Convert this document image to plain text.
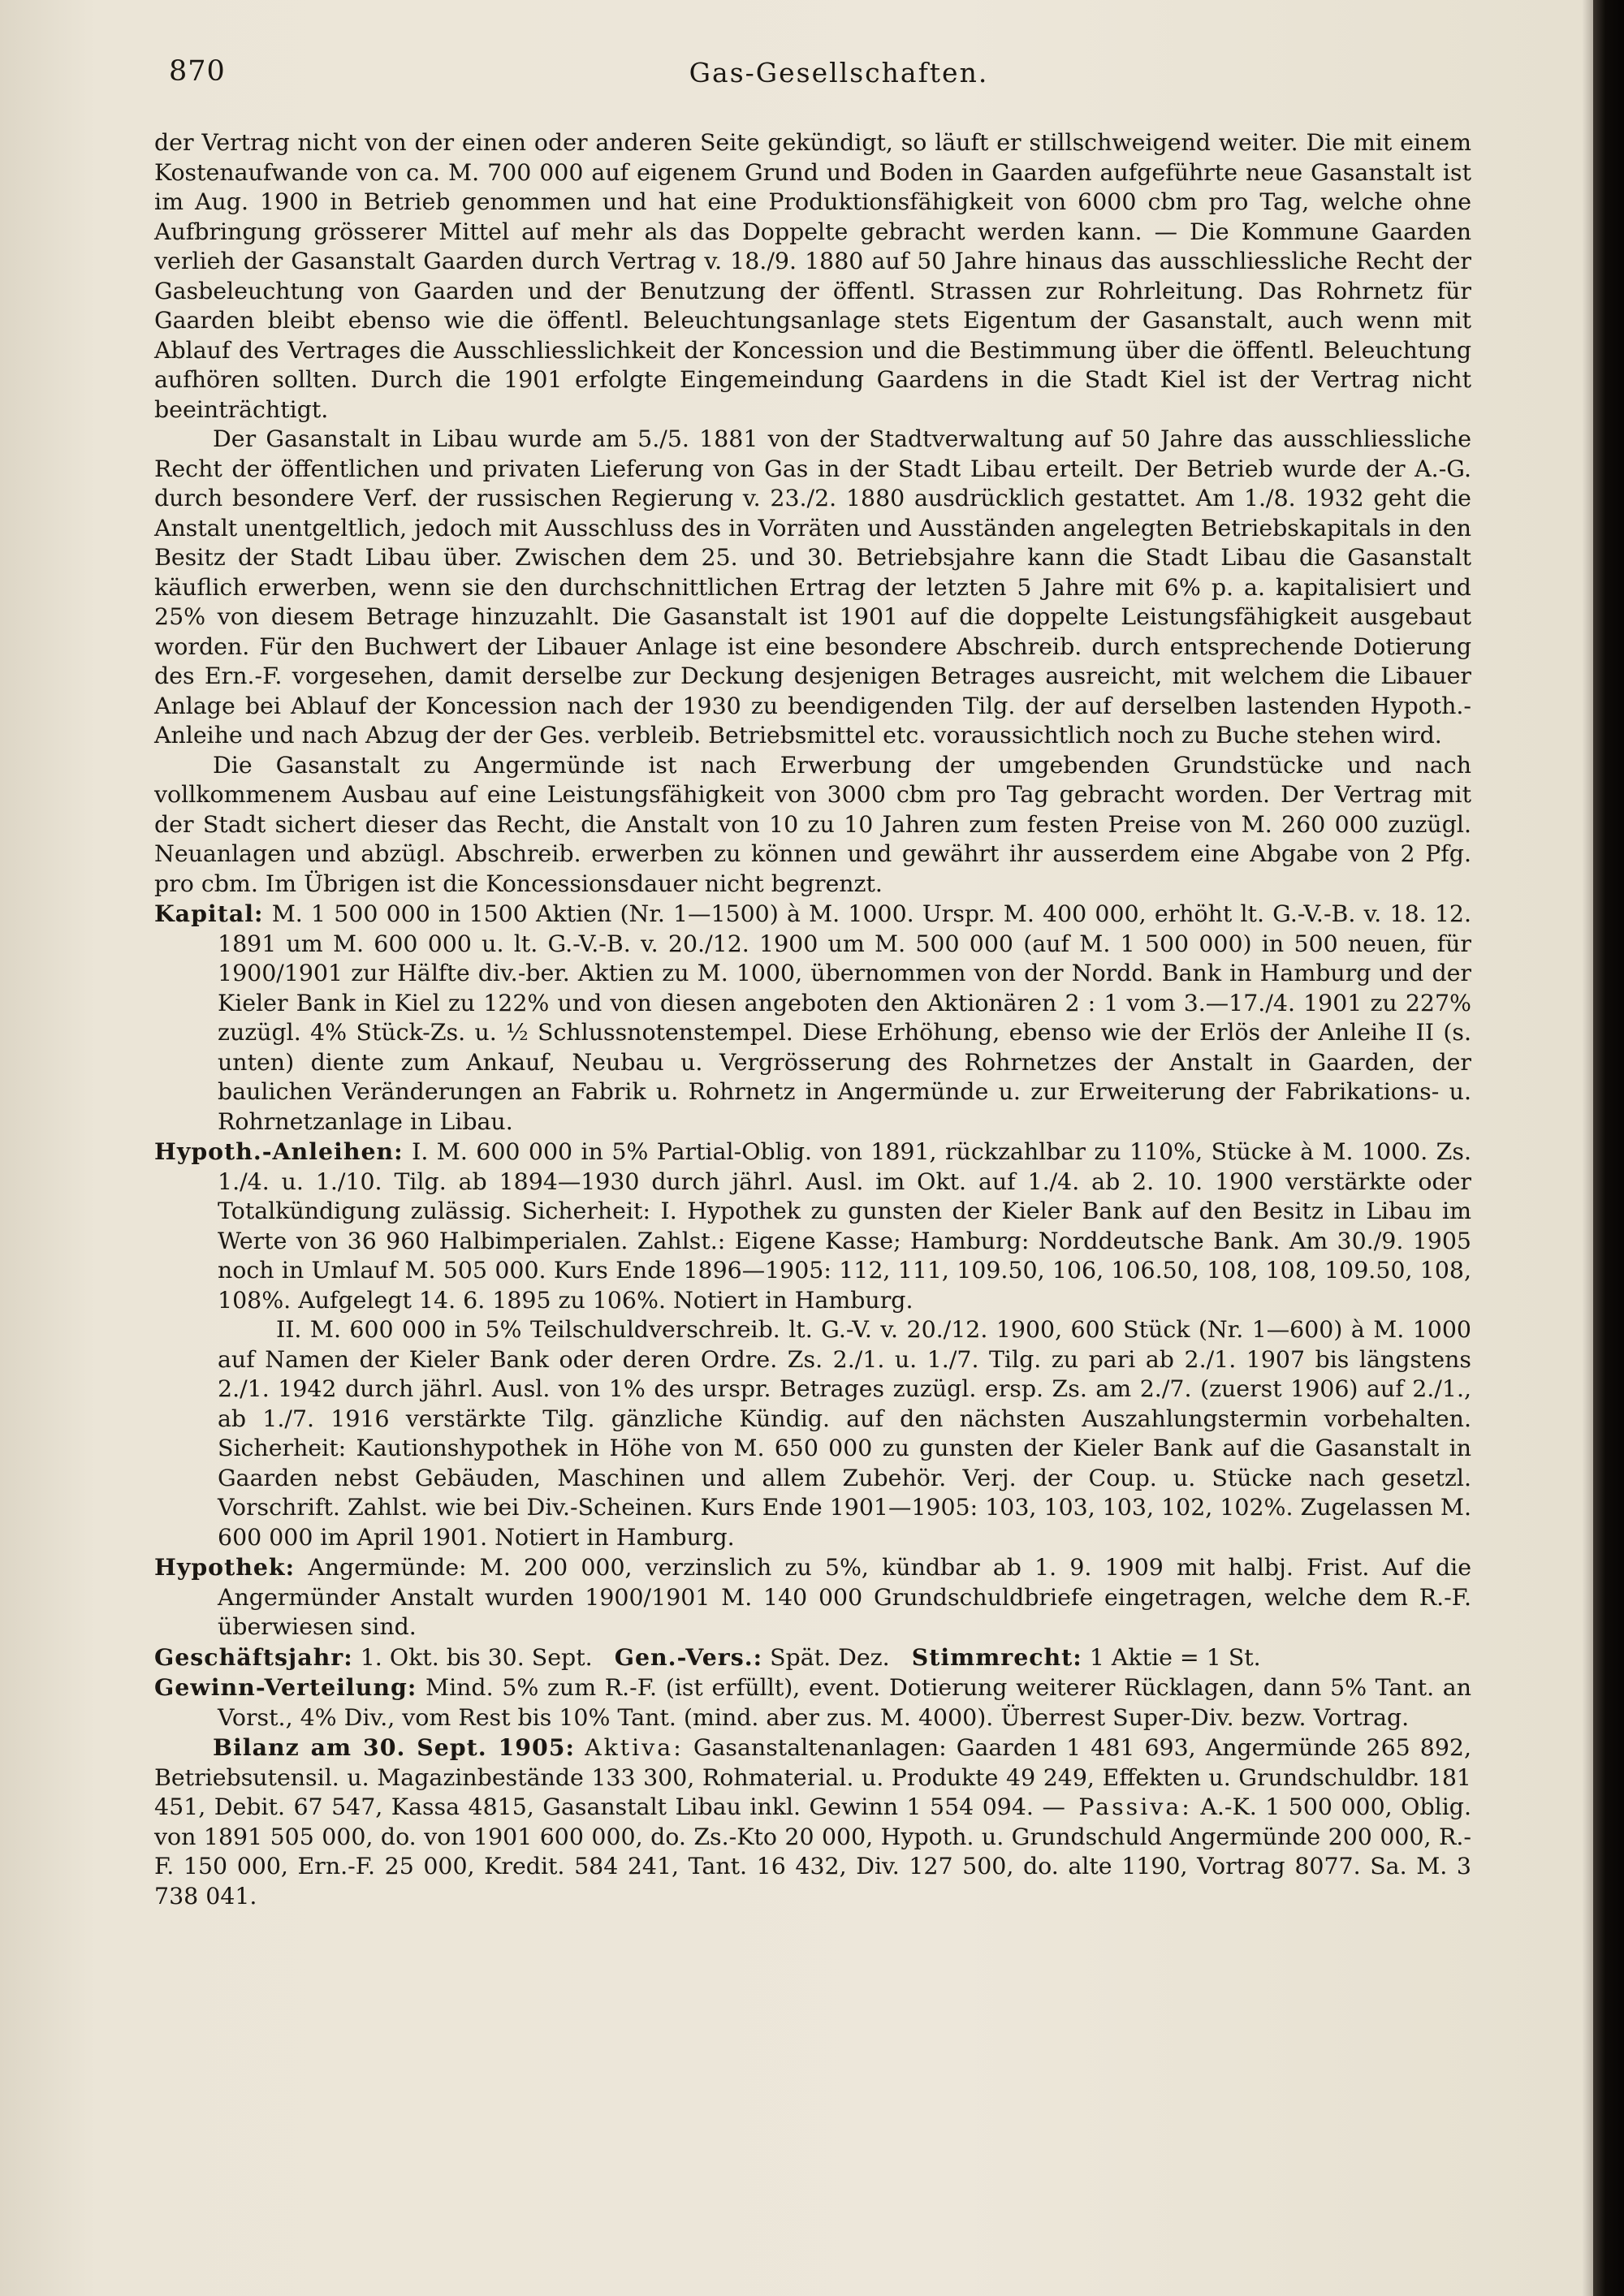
870	Gas-Gesellschaften.

der Vertrag nicht von der einen oder anderen Seite gekündigt, so läuft er stillschweigend weiter. Die mit einem Kostenaufwande von ca. M. 700 000 auf eigenem Grund und Boden in Gaarden aufgeführte neue Gasanstalt ist im Aug. 1900 in Betrieb genommen und hat eine Produktionsfähigkeit von 6000 cbm pro Tag, welche ohne Aufbringung grösserer Mittel auf mehr als das Doppelte gebracht werden kann. — Die Kommune Gaarden verlieh der Gasanstalt Gaarden durch Vertrag v. 18./9. 1880 auf 50 Jahre hinaus das ausschliessliche Recht der Gasbeleuchtung von Gaarden und der Benutzung der öffentl. Strassen zur Rohrleitung. Das Rohrnetz für Gaarden bleibt ebenso wie die öffentl. Beleuchtungsanlage stets Eigentum der Gasanstalt, auch wenn mit Ablauf des Vertrages die Ausschliesslichkeit der Koncession und die Bestimmung über die öffentl. Beleuchtung aufhören sollten. Durch die 1901 erfolgte Eingemeindung Gaardens in die Stadt Kiel ist der Vertrag nicht beeinträchtigt.

Der Gasanstalt in Libau wurde am 5./5. 1881 von der Stadtverwaltung auf 50 Jahre das ausschliessliche Recht der öffentlichen und privaten Lieferung von Gas in der Stadt Libau erteilt. Der Betrieb wurde der A.-G. durch besondere Verf. der russischen Regierung v. 23./2. 1880 ausdrücklich gestattet. Am 1./8. 1932 geht die Anstalt unentgeltlich, jedoch mit Ausschluss des in Vorräten und Ausständen angelegten Betriebskapitals in den Besitz der Stadt Libau über. Zwischen dem 25. und 30. Betriebsjahre kann die Stadt Libau die Gasanstalt käuflich erwerben, wenn sie den durchschnittlichen Ertrag der letzten 5 Jahre mit 6% p. a. kapitalisiert und 25% von diesem Betrage hinzuzahlt. Die Gasanstalt ist 1901 auf die doppelte Leistungsfähigkeit ausgebaut worden. Für den Buchwert der Libauer Anlage ist eine besondere Abschreib. durch entsprechende Dotierung des Ern.-F. vorgesehen, damit derselbe zur Deckung desjenigen Betrages ausreicht, mit welchem die Libauer Anlage bei Ablauf der Koncession nach der 1930 zu beendigenden Tilg. der auf derselben lastenden Hypoth.-Anleihe und nach Abzug der der Ges. verbleib. Betriebsmittel etc. voraussichtlich noch zu Buche stehen wird.

Die Gasanstalt zu Angermünde ist nach Erwerbung der umgebenden Grundstücke und nach vollkommenem Ausbau auf eine Leistungsfähigkeit von 3000 cbm pro Tag gebracht worden. Der Vertrag mit der Stadt sichert dieser das Recht, die Anstalt von 10 zu 10 Jahren zum festen Preise von M. 260 000 zuzügl. Neuanlagen und abzügl. Abschreib. erwerben zu können und gewährt ihr ausserdem eine Abgabe von 2 Pfg. pro cbm. Im Übrigen ist die Koncessionsdauer nicht begrenzt.

Kapital: M. 1 500 000 in 1500 Aktien (Nr. 1—1500) à M. 1000. Urspr. M. 400 000, erhöht lt. G.-V.-B. v. 18. 12. 1891 um M. 600 000 u. lt. G.-V.-B. v. 20./12. 1900 um M. 500 000 (auf M. 1 500 000) in 500 neuen, für 1900/1901 zur Hälfte div.-ber. Aktien zu M. 1000, übernommen von der Nordd. Bank in Hamburg und der Kieler Bank in Kiel zu 122% und von diesen angeboten den Aktionären 2 : 1 vom 3.—17./4. 1901 zu 227% zuzügl. 4% Stück-Zs. u. ½ Schlussnotenstempel. Diese Erhöhung, ebenso wie der Erlös der Anleihe II (s. unten) diente zum Ankauf, Neubau u. Vergrösserung des Rohrnetzes der Anstalt in Gaarden, der baulichen Veränderungen an Fabrik u. Rohrnetz in Angermünde u. zur Erweiterung der Fabrikations- u. Rohrnetzanlage in Libau.

Hypoth.-Anleihen: I. M. 600 000 in 5% Partial-Oblig. von 1891, rückzahlbar zu 110%, Stücke à M. 1000. Zs. 1./4. u. 1./10. Tilg. ab 1894—1930 durch jährl. Ausl. im Okt. auf 1./4. ab 2. 10. 1900 verstärkte oder Totalkündigung zulässig. Sicherheit: I. Hypothek zu gunsten der Kieler Bank auf den Besitz in Libau im Werte von 36 960 Halbimperialen. Zahlst.: Eigene Kasse; Hamburg: Norddeutsche Bank. Am 30./9. 1905 noch in Umlauf M. 505 000. Kurs Ende 1896—1905: 112, 111, 109.50, 106, 106.50, 108, 108, 109.50, 108, 108%. Aufgelegt 14. 6. 1895 zu 106%. Notiert in Hamburg.

II. M. 600 000 in 5% Teilschuldverschreib. lt. G.-V. v. 20./12. 1900, 600 Stück (Nr. 1—600) à M. 1000 auf Namen der Kieler Bank oder deren Ordre. Zs. 2./1. u. 1./7. Tilg. zu pari ab 2./1. 1907 bis längstens 2./1. 1942 durch jährl. Ausl. von 1% des urspr. Betrages zuzügl. ersp. Zs. am 2./7. (zuerst 1906) auf 2./1., ab 1./7. 1916 verstärkte Tilg. gänzliche Kündig. auf den nächsten Auszahlungstermin vorbehalten. Sicherheit: Kautionshypothek in Höhe von M. 650 000 zu gunsten der Kieler Bank auf die Gasanstalt in Gaarden nebst Gebäuden, Maschinen und allem Zubehör. Verj. der Coup. u. Stücke nach gesetzl. Vorschrift. Zahlst. wie bei Div.-Scheinen. Kurs Ende 1901—1905: 103, 103, 103, 102, 102%. Zugelassen M. 600 000 im April 1901. Notiert in Hamburg.

Hypothek: Angermünde: M. 200 000, verzinslich zu 5%, kündbar ab 1. 9. 1909 mit halbj. Frist. Auf die Angermünder Anstalt wurden 1900/1901 M. 140 000 Grundschuldbriefe eingetragen, welche dem R.-F. überwiesen sind.

Geschäftsjahr: 1. Okt. bis 30. Sept. Gen.-Vers.: Spät. Dez. Stimmrecht: 1 Aktie = 1 St.

Gewinn-Verteilung: Mind. 5% zum R.-F. (ist erfüllt), event. Dotierung weiterer Rücklagen, dann 5% Tant. an Vorst., 4% Div., vom Rest bis 10% Tant. (mind. aber zus. M. 4000). Überrest Super-Div. bezw. Vortrag.

Bilanz am 30. Sept. 1905: Aktiva: Gasanstaltenanlagen: Gaarden 1 481 693, Angermünde 265 892, Betriebsutensil. u. Magazinbestände 133 300, Rohmaterial. u. Produkte 49 249, Effekten u. Grundschuldbr. 181 451, Debit. 67 547, Kassa 4815, Gasanstalt Libau inkl. Gewinn 1 554 094. — Passiva: A.-K. 1 500 000, Oblig. von 1891 505 000, do. von 1901 600 000, do. Zs.-Kto 20 000, Hypoth. u. Grundschuld Angermünde 200 000, R.-F. 150 000, Ern.-F. 25 000, Kredit. 584 241, Tant. 16 432, Div. 127 500, do. alte 1190, Vortrag 8077. Sa. M. 3 738 041.
